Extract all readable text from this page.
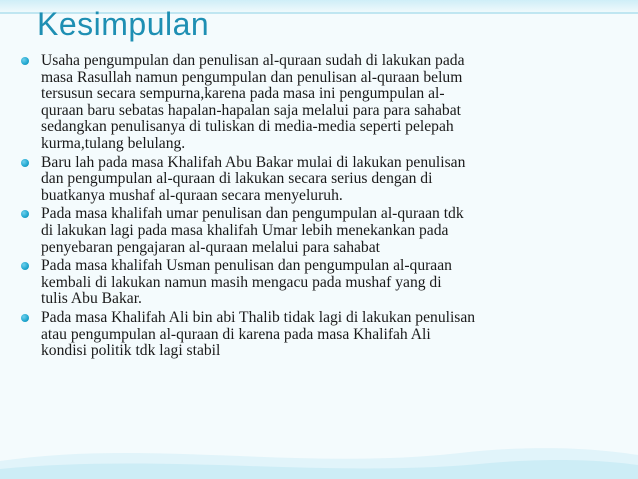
Kesimpulan
Usaha pengumpulan dan penulisan al-quraan sudah di lakukan pada
masa Rasullah namun pengumpulan dan penulisan al-quraan belum
tersusun secara sempurna,karena pada masa ini pengumpulan al-
quraan baru sebatas hapalan-hapalan saja melalui para para sahabat
sedangkan penulisanya di tuliskan di media-media seperti pelepah
kurma,tulang belulang.
Baru lah pada masa Khalifah Abu Bakar mulai di lakukan penulisan
dan pengumpulan al-quraan di lakukan secara serius dengan di
buatkanya mushaf al-quraan secara menyeluruh.
Pada masa khalifah umar penulisan dan pengumpulan al-quraan tdk
di lakukan lagi pada masa khalifah Umar lebih menekankan pada
penyebaran pengajaran al-quraan melalui para sahabat
Pada masa khalifah Usman penulisan dan pengumpulan al-quraan
kembali di lakukan namun masih mengacu pada mushaf yang di
tulis Abu Bakar.
Pada masa Khalifah Ali bin abi Thalib tidak lagi di lakukan penulisan
atau pengumpulan al-quraan di karena pada masa Khalifah Ali
kondisi politik tdk lagi stabil
